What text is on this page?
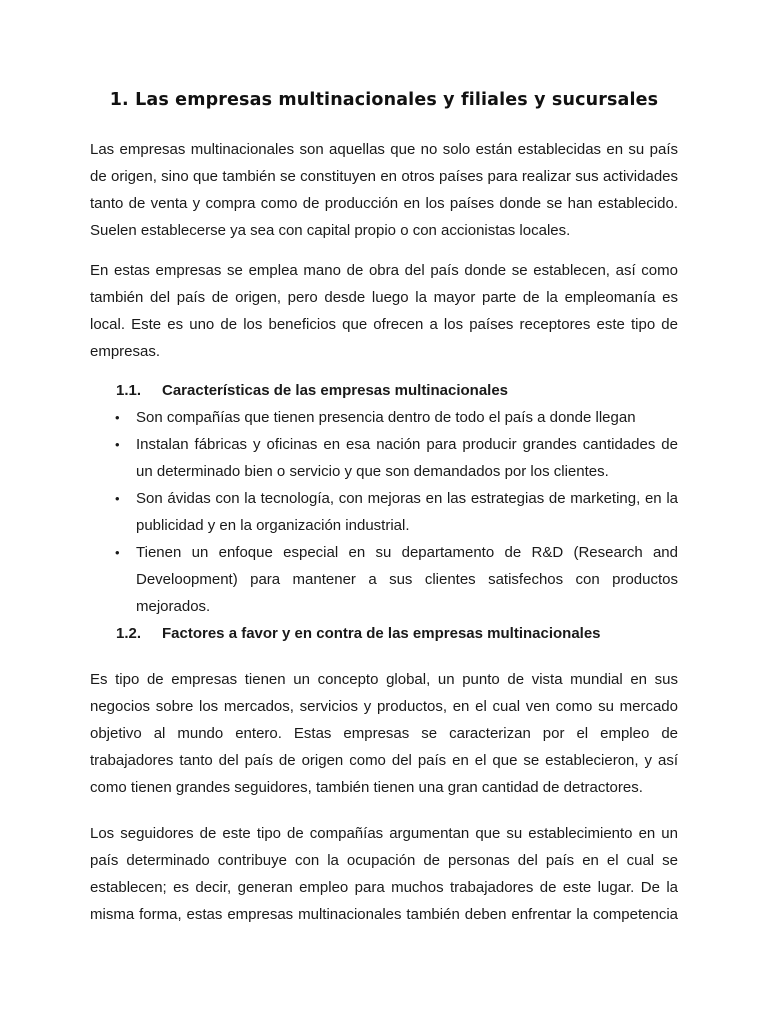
1. Las empresas multinacionales y filiales y sucursales

Las empresas multinacionales son aquellas que no solo están establecidas en su país de origen, sino que también se constituyen en otros países para realizar sus actividades tanto de venta y compra como de producción en los países donde se han establecido. Suelen establecerse ya sea con capital propio o con accionistas locales.

En estas empresas se emplea mano de obra del país donde se establecen, así como también del país de origen, pero desde luego la mayor parte de la empleomanía es local. Este es uno de los beneficios que ofrecen a los países receptores este tipo de empresas.

1.1.	Características de las empresas multinacionales
• Son compañías que tienen presencia dentro de todo el país a donde llegan
• Instalan fábricas y oficinas en esa nación para producir grandes cantidades de un determinado bien o servicio y que son demandados por los clientes.
• Son ávidas con la tecnología, con mejoras en las estrategias de marketing, en la publicidad y en la organización industrial.
• Tienen un enfoque especial en su departamento de R&D (Research and Develoopment) para mantener a sus clientes satisfechos con productos mejorados.
1.2.	Factores a favor y en contra de las empresas multinacionales

Es tipo de empresas tienen un concepto global, un punto de vista mundial en sus negocios sobre los mercados, servicios y productos, en el cual ven como su mercado objetivo al mundo entero. Estas empresas se caracterizan por el empleo de trabajadores tanto del país de origen como del país en el que se establecieron, y así como tienen grandes seguidores, también tienen una gran cantidad de detractores.

Los seguidores de este tipo de compañías argumentan que su establecimiento en un país determinado contribuye con la ocupación de personas del país en el cual se establecen; es decir, generan empleo para muchos trabajadores de este lugar. De la misma forma, estas empresas multinacionales también deben enfrentar la competencia
